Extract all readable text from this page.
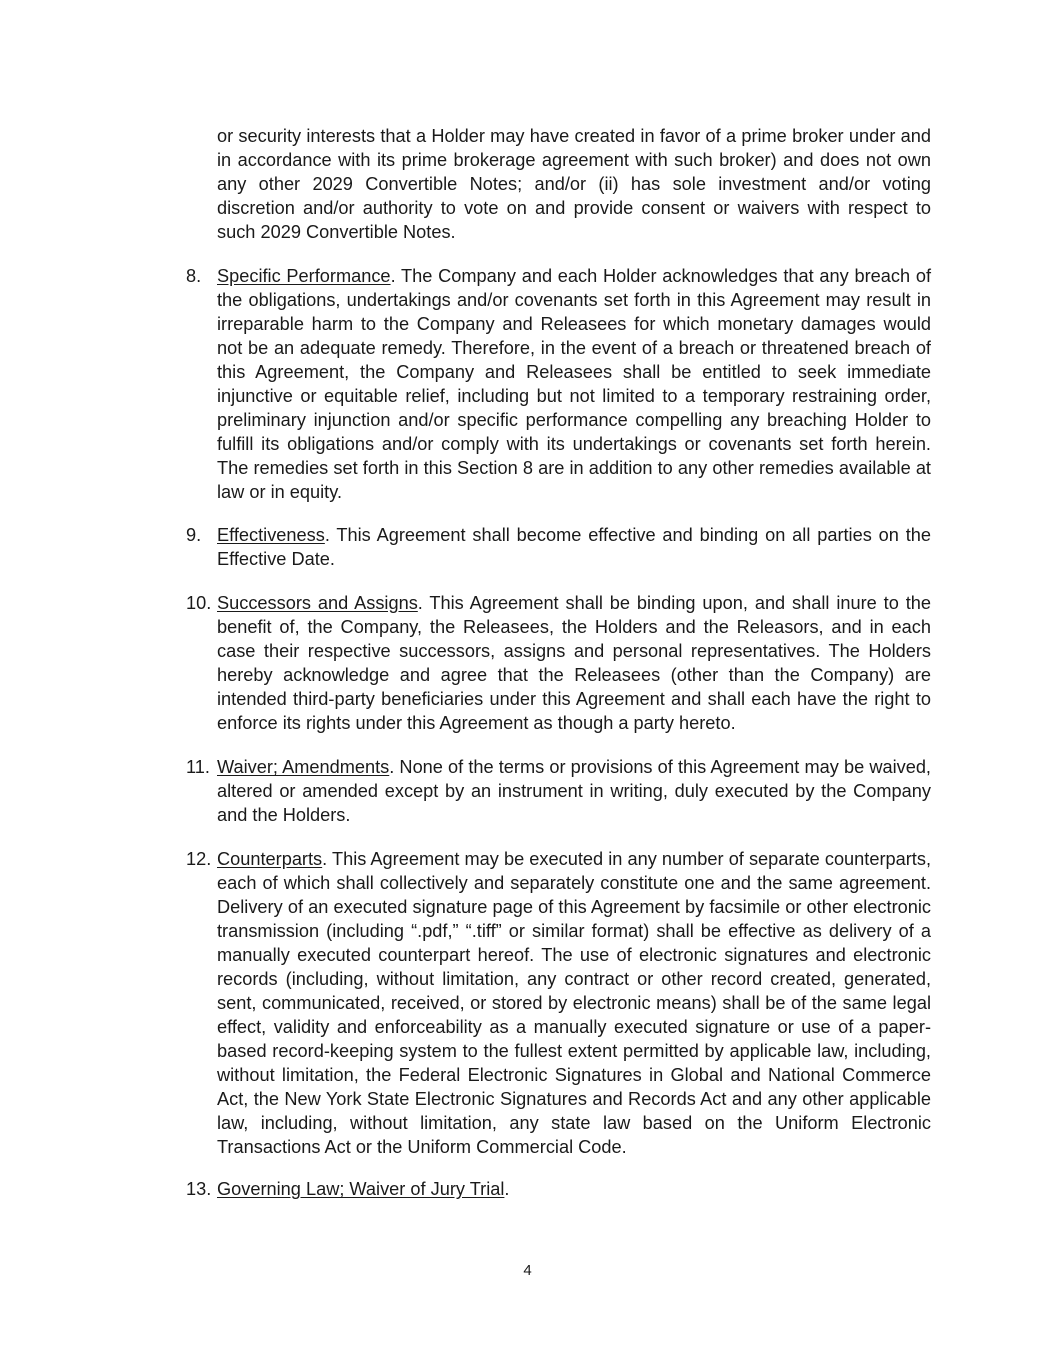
or security interests that a Holder may have created in favor of a prime broker under and in accordance with its prime brokerage agreement with such broker) and does not own any other 2029 Convertible Notes; and/or (ii) has sole investment and/or voting discretion and/or authority to vote on and provide consent or waivers with respect to such 2029 Convertible Notes.

8. Specific Performance. The Company and each Holder acknowledges that any breach of the obligations, undertakings and/or covenants set forth in this Agreement may result in irreparable harm to the Company and Releasees for which monetary damages would not be an adequate remedy. Therefore, in the event of a breach or threatened breach of this Agreement, the Company and Releasees shall be entitled to seek immediate injunctive or equitable relief, including but not limited to a temporary restraining order, preliminary injunction and/or specific performance compelling any breaching Holder to fulfill its obligations and/or comply with its undertakings or covenants set forth herein. The remedies set forth in this Section 8 are in addition to any other remedies available at law or in equity.

9. Effectiveness. This Agreement shall become effective and binding on all parties on the Effective Date.

10. Successors and Assigns. This Agreement shall be binding upon, and shall inure to the benefit of, the Company, the Releasees, the Holders and the Releasors, and in each case their respective successors, assigns and personal representatives. The Holders hereby acknowledge and agree that the Releasees (other than the Company) are intended third-party beneficiaries under this Agreement and shall each have the right to enforce its rights under this Agreement as though a party hereto.

11. Waiver; Amendments. None of the terms or provisions of this Agreement may be waived, altered or amended except by an instrument in writing, duly executed by the Company and the Holders.

12. Counterparts. This Agreement may be executed in any number of separate counterparts, each of which shall collectively and separately constitute one and the same agreement. Delivery of an executed signature page of this Agreement by facsimile or other electronic transmission (including “.pdf,” “.tiff” or similar format) shall be effective as delivery of a manually executed counterpart hereof. The use of electronic signatures and electronic records (including, without limitation, any contract or other record created, generated, sent, communicated, received, or stored by electronic means) shall be of the same legal effect, validity and enforceability as a manually executed signature or use of a paper-based record-keeping system to the fullest extent permitted by applicable law, including, without limitation, the Federal Electronic Signatures in Global and National Commerce Act, the New York State Electronic Signatures and Records Act and any other applicable law, including, without limitation, any state law based on the Uniform Electronic Transactions Act or the Uniform Commercial Code.

13. Governing Law; Waiver of Jury Trial.

4
